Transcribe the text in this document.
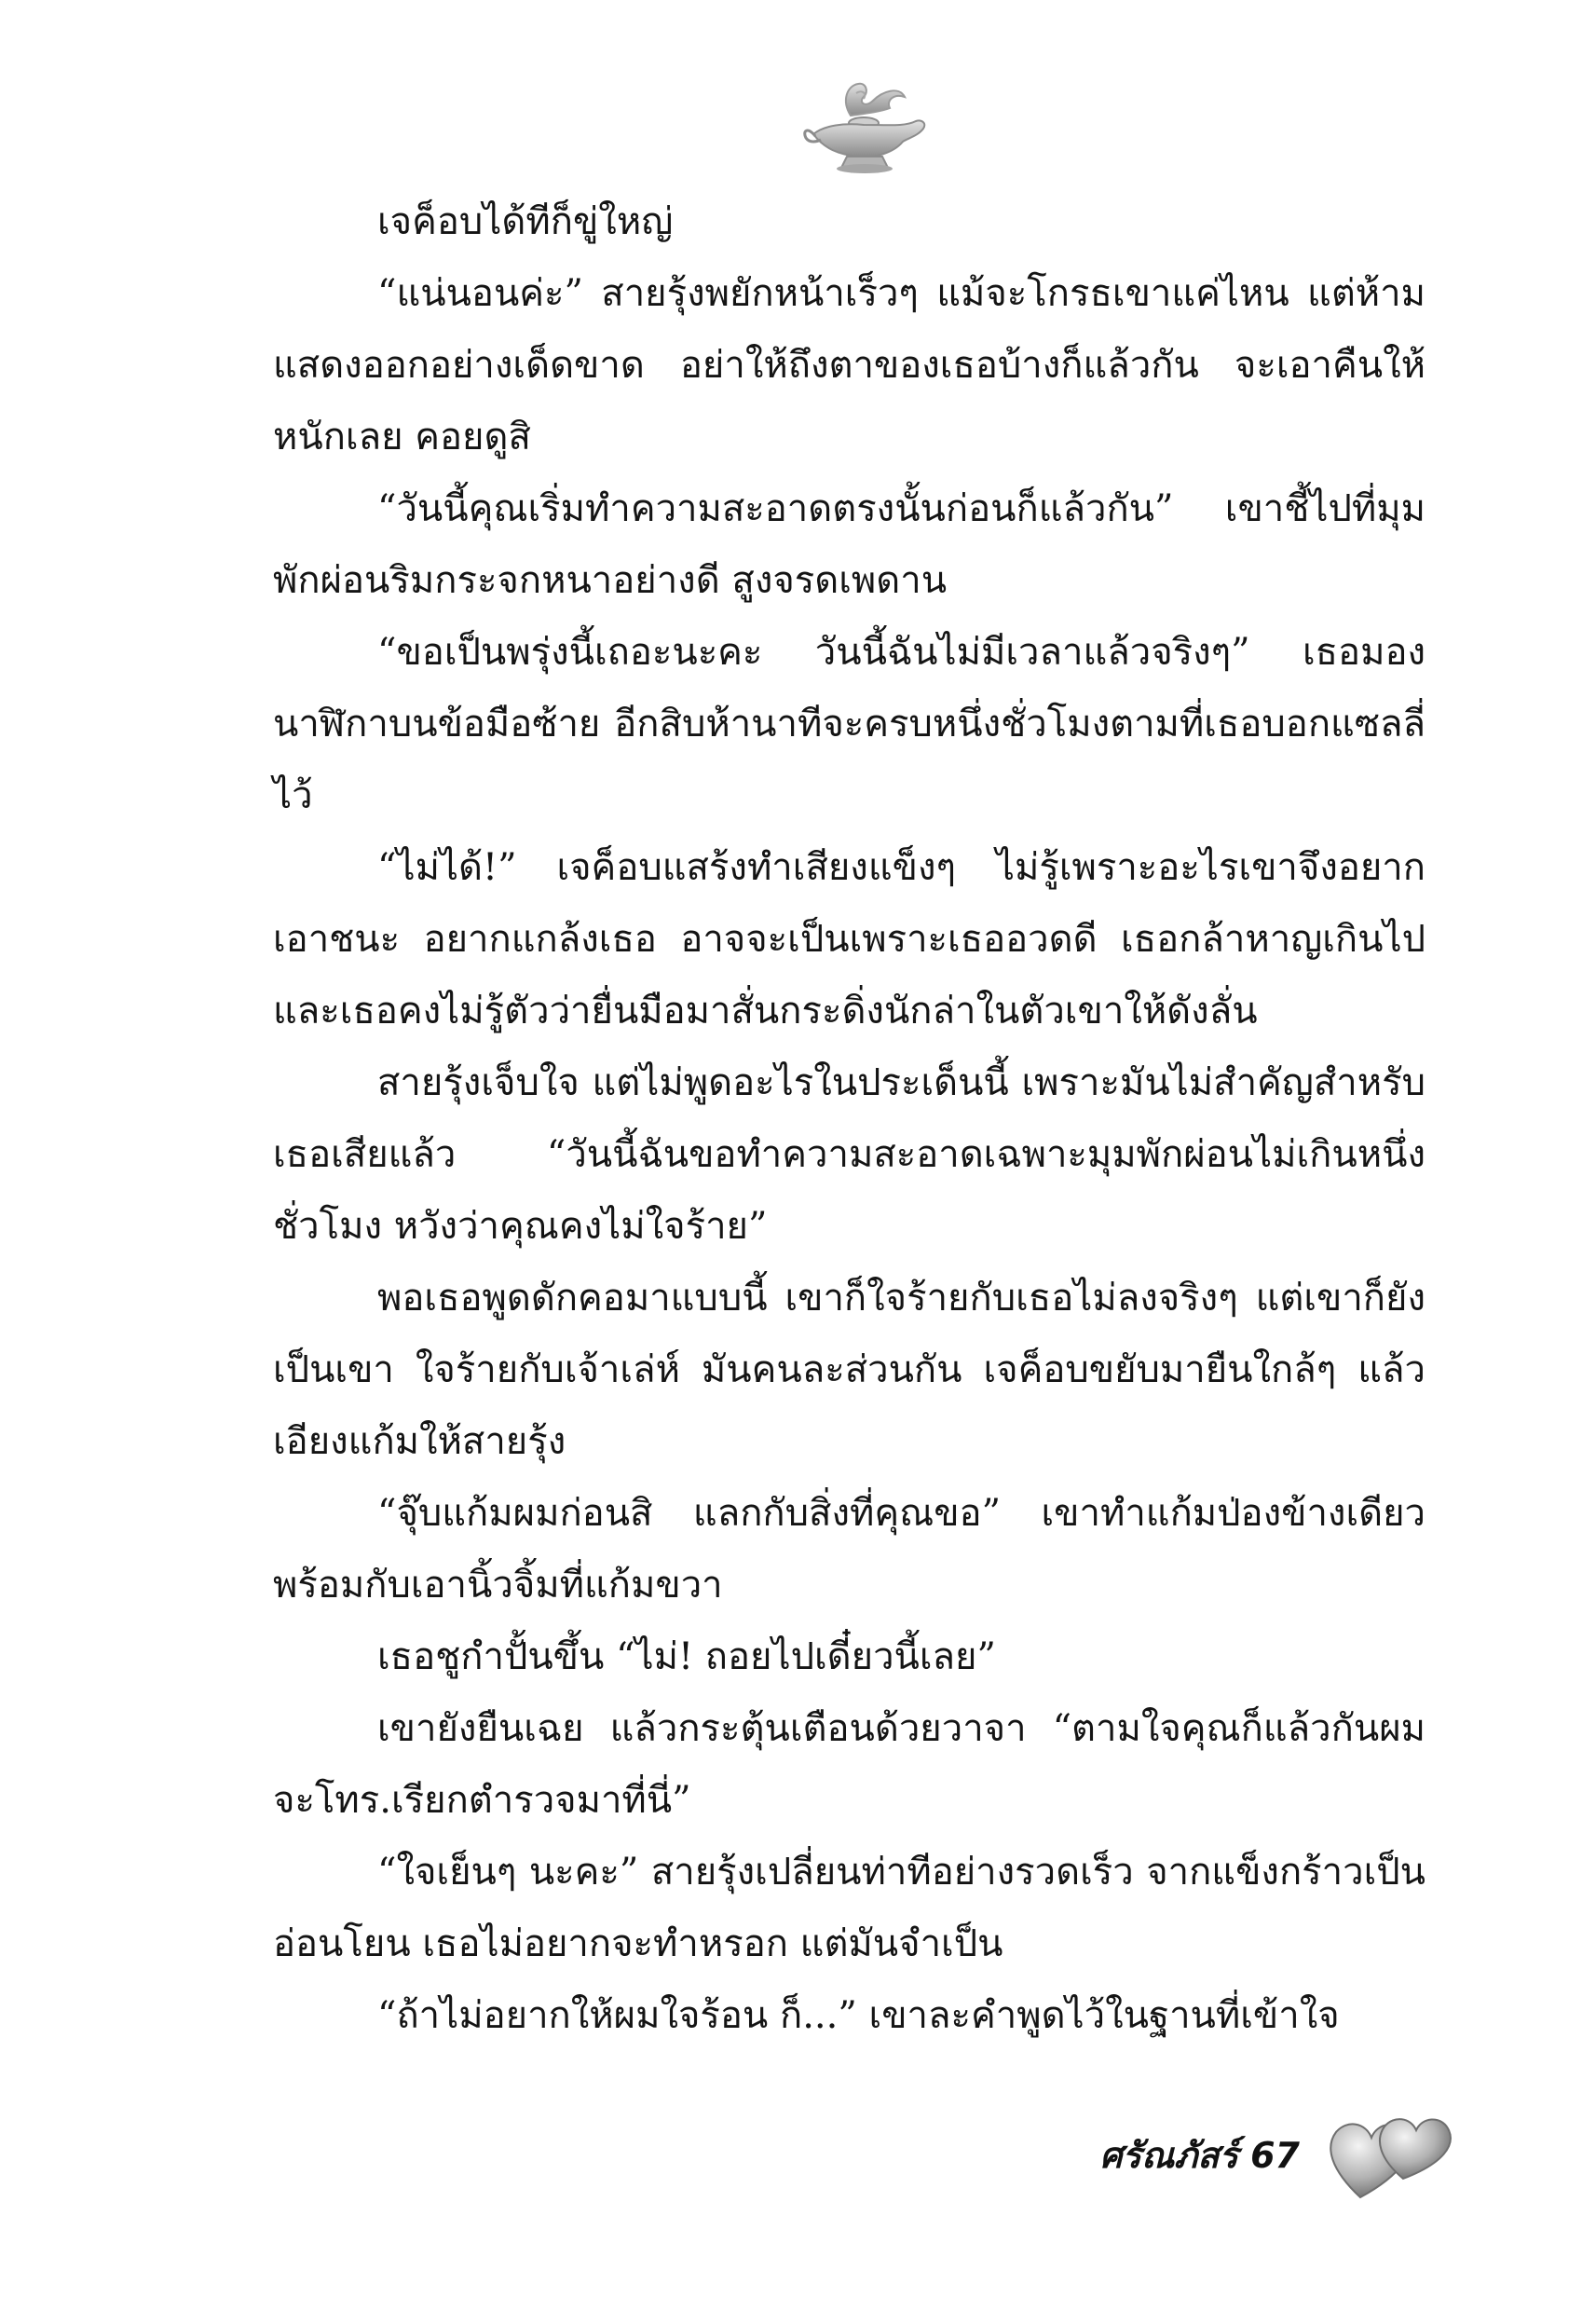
เจค็อบได้ทีก็ขู่ใหญ่

“แน่นอนค่ะ” สายรุ้งพยักหน้าเร็วๆ แม้จะโกรธเขาแค่ไหน แต่ห้ามแสดงออกอย่างเด็ดขาด อย่าให้ถึงตาของเธอบ้างก็แล้วกัน จะเอาคืนให้หนักเลย คอยดูสิ

“วันนี้คุณเริ่มทำความสะอาดตรงนั้นก่อนก็แล้วกัน” เขาชี้ไปที่มุมพักผ่อนริมกระจกหนาอย่างดี สูงจรดเพดาน

“ขอเป็นพรุ่งนี้เถอะนะคะ วันนี้ฉันไม่มีเวลาแล้วจริงๆ” เธอมองนาฬิกาบนข้อมือซ้าย อีกสิบห้านาทีจะครบหนึ่งชั่วโมงตามที่เธอบอกแซลลี่ไว้

“ไม่ได้!” เจค็อบแสร้งทำเสียงแข็งๆ ไม่รู้เพราะอะไรเขาจึงอยากเอาชนะ อยากแกล้งเธอ อาจจะเป็นเพราะเธออวดดี เธอกล้าหาญเกินไปและเธอคงไม่รู้ตัวว่ายื่นมือมาสั่นกระดิ่งนักล่าในตัวเขาให้ดังลั่น

สายรุ้งเจ็บใจ แต่ไม่พูดอะไรในประเด็นนี้ เพราะมันไม่สำคัญสำหรับเธอเสียแล้ว “วันนี้ฉันขอทำความสะอาดเฉพาะมุมพักผ่อนไม่เกินหนึ่งชั่วโมง หวังว่าคุณคงไม่ใจร้าย”

พอเธอพูดดักคอมาแบบนี้ เขาก็ใจร้ายกับเธอไม่ลงจริงๆ แต่เขาก็ยังเป็นเขา ใจร้ายกับเจ้าเล่ห์ มันคนละส่วนกัน เจค็อบขยับมายืนใกล้ๆ แล้วเอียงแก้มให้สายรุ้ง

“จุ๊บแก้มผมก่อนสิ แลกกับสิ่งที่คุณขอ” เขาทำแก้มป่องข้างเดียวพร้อมกับเอานิ้วจิ้มที่แก้มขวา

เธอชูกำปั้นขึ้น “ไม่! ถอยไปเดี๋ยวนี้เลย”

เขายังยืนเฉย แล้วกระตุ้นเตือนด้วยวาจา “ตามใจคุณก็แล้วกันผมจะโทร.เรียกตำรวจมาที่นี่”

“ใจเย็นๆ นะคะ” สายรุ้งเปลี่ยนท่าทีอย่างรวดเร็ว จากแข็งกร้าวเป็นอ่อนโยน เธอไม่อยากจะทำหรอก แต่มันจำเป็น

“ถ้าไม่อยากให้ผมใจร้อน ก็...” เขาละคำพูดไว้ในฐานที่เข้าใจ

ศรัณภัสร์ 67
